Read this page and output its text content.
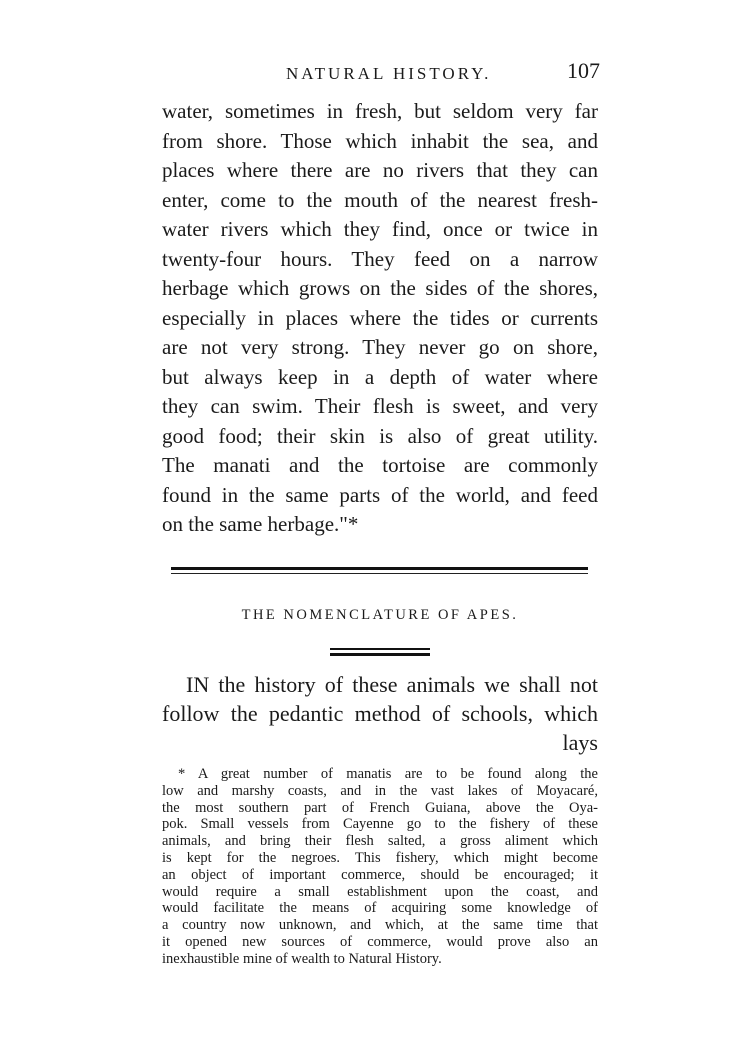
NATURAL HISTORY.	107
water, sometimes in fresh, but seldom very far
from shore. Those which inhabit the sea, and
places where there are no rivers that they can
enter, come to the mouth of the nearest fresh-
water rivers which they find, once or twice in
twenty-four hours. They feed on a narrow
herbage which grows on the sides of the shores,
especially in places where the tides or currents
are not very strong. They never go on shore,
but always keep in a depth of water where
they can swim. Their flesh is sweet, and very
good food; their skin is also of great utility.
The manati and the tortoise are commonly
found in the same parts of the world, and feed
on the same herbage."*
THE NOMENCLATURE OF APES.
IN the history of these animals we shall not
follow the pedantic method of schools, which
lays
* A great number of manatis are to be found along the
low and marshy coasts, and in the vast lakes of Moyacaré,
the most southern part of French Guiana, above the Oya-
pok. Small vessels from Cayenne go to the fishery of these
animals, and bring their flesh salted, a gross aliment which
is kept for the negroes. This fishery, which might become
an object of important commerce, should be encouraged; it
would require a small establishment upon the coast, and
would facilitate the means of acquiring some knowledge of
a country now unknown, and which, at the same time that
it opened new sources of commerce, would prove also an
inexhaustible mine of wealth to Natural History.
